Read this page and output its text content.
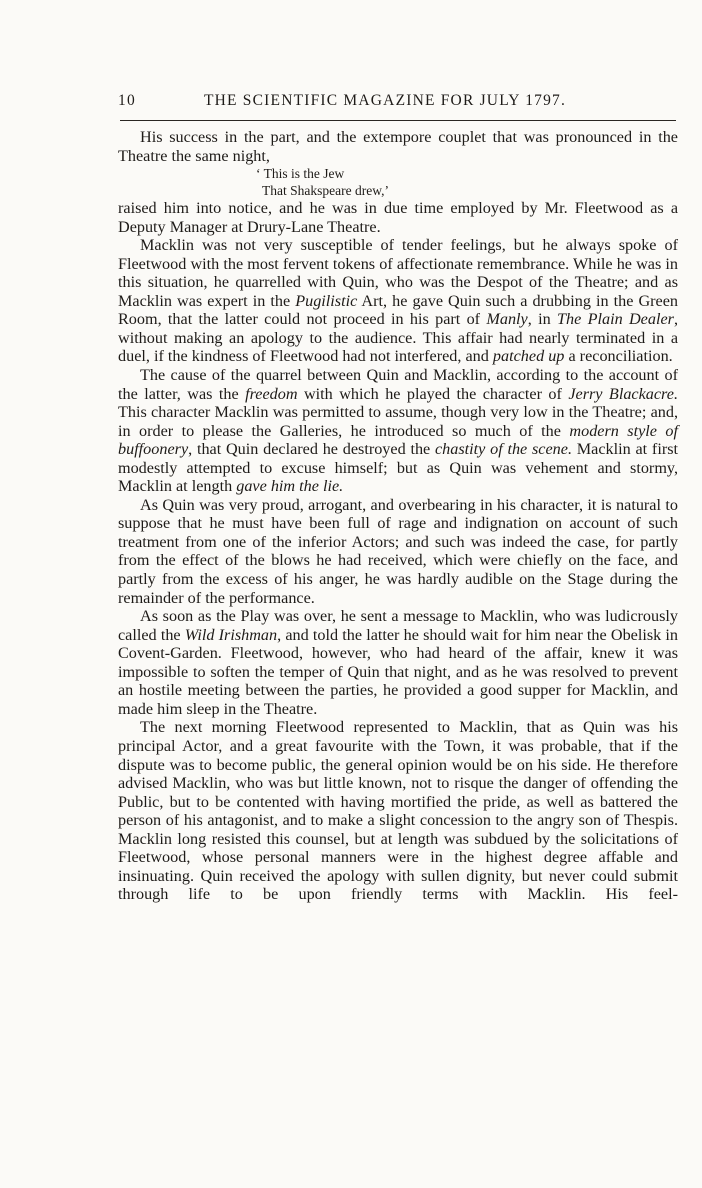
10	THE SCIENTIFIC MAGAZINE FOR JULY 1797.

His success in the part, and the extempore couplet that was pronounced in the Theatre the same night,

‘ This is the Jew
That Shakspeare drew,’

raised him into notice, and he was in due time employed by Mr. Fleetwood as a Deputy Manager at Drury-Lane Theatre.

Macklin was not very susceptible of tender feelings, but he always spoke of Fleetwood with the most fervent tokens of affectionate remembrance. While he was in this situation, he quarrelled with Quin, who was the Despot of the Theatre; and as Macklin was expert in the Pugilistic Art, he gave Quin such a drubbing in the Green Room, that the latter could not proceed in his part of Manly, in The Plain Dealer, without making an apology to the audience. This affair had nearly terminated in a duel, if the kindness of Fleetwood had not interfered, and patched up a reconciliation.

The cause of the quarrel between Quin and Macklin, according to the account of the latter, was the freedom with which he played the character of Jerry Blackacre. This character Macklin was permitted to assume, though very low in the Theatre; and, in order to please the Galleries, he introduced so much of the modern style of buffoonery, that Quin declared he destroyed the chastity of the scene. Macklin at first modestly attempted to excuse himself; but as Quin was vehement and stormy, Macklin at length gave him the lie.

As Quin was very proud, arrogant, and overbearing in his character, it is natural to suppose that he must have been full of rage and indignation on account of such treatment from one of the inferior Actors; and such was indeed the case, for partly from the effect of the blows he had received, which were chiefly on the face, and partly from the excess of his anger, he was hardly audible on the Stage during the remainder of the performance.

As soon as the Play was over, he sent a message to Macklin, who was ludicrously called the Wild Irishman, and told the latter he should wait for him near the Obelisk in Covent-Garden. Fleetwood, however, who had heard of the affair, knew it was impossible to soften the temper of Quin that night, and as he was resolved to prevent an hostile meeting between the parties, he provided a good supper for Macklin, and made him sleep in the Theatre.

The next morning Fleetwood represented to Macklin, that as Quin was his principal Actor, and a great favourite with the Town, it was probable, that if the dispute was to become public, the general opinion would be on his side. He therefore advised Macklin, who was but little known, not to risque the danger of offending the Public, but to be contented with having mortified the pride, as well as battered the person of his antagonist, and to make a slight concession to the angry son of Thespis. Macklin long resisted this counsel, but at length was subdued by the solicitations of Fleetwood, whose personal manners were in the highest degree affable and insinuating. Quin received the apology with sullen dignity, but never could submit through life to be upon friendly terms with Macklin. His feel-
